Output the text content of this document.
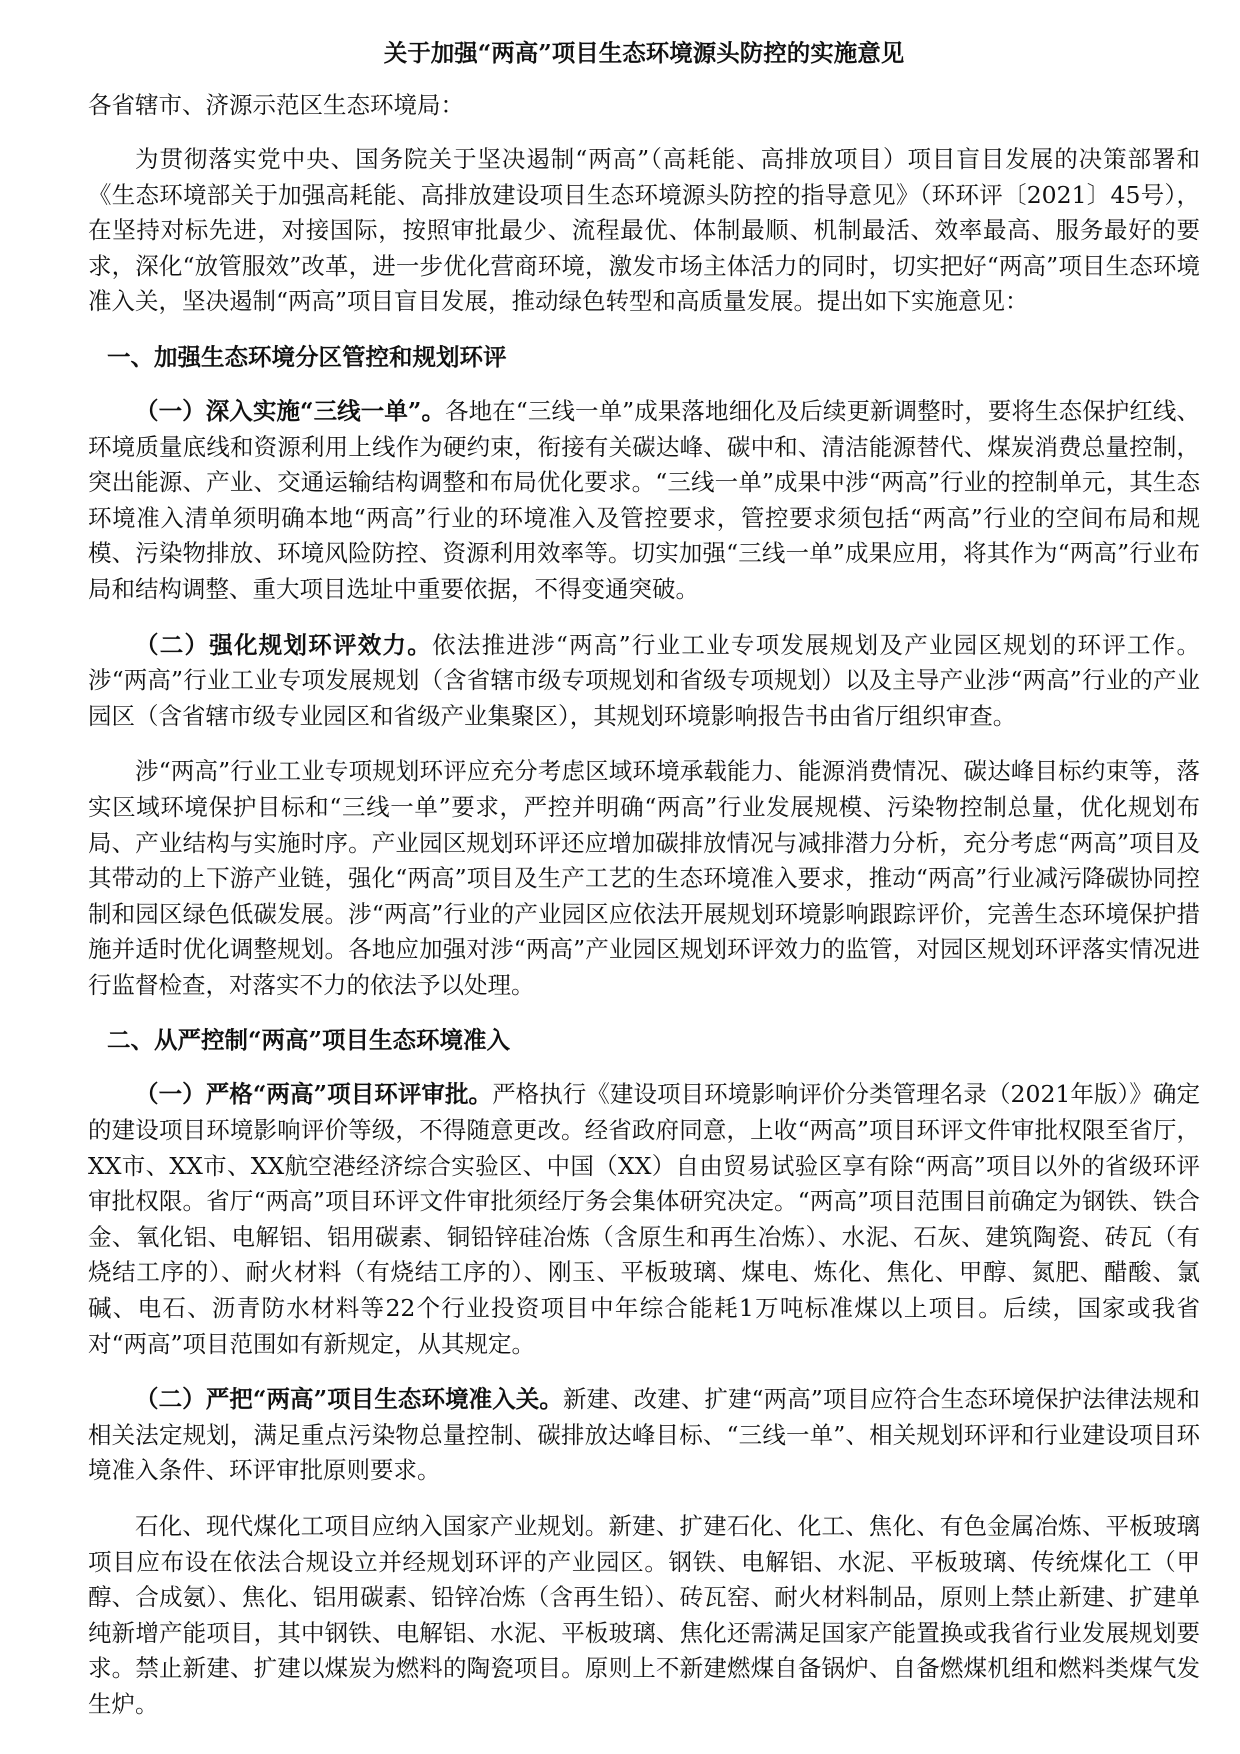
关于加强“两高”项目生态环境源头防控的实施意见
各省辖市、济源示范区生态环境局：

为贯彻落实党中央、国务院关于坚决遏制“两高”（高耗能、高排放项目）项目盲目发展的决策部署和《生态环境部关于加强高耗能、高排放建设项目生态环境源头防控的指导意见》（环环评〔2021〕45号），在坚持对标先进，对接国际，按照审批最少、流程最优、体制最顺、机制最活、效率最高、服务最好的要求，深化“放管服效”改革，进一步优化营商环境，激发市场主体活力的同时，切实把好“两高”项目生态环境准入关，坚决遏制“两高”项目盲目发展，推动绿色转型和高质量发展。提出如下实施意见：

一、加强生态环境分区管控和规划环评

（一）深入实施“三线一单”。各地在“三线一单”成果落地细化及后续更新调整时，要将生态保护红线、环境质量底线和资源利用上线作为硬约束，衔接有关碳达峰、碳中和、清洁能源替代、煤炭消费总量控制，突出能源、产业、交通运输结构调整和布局优化要求。“三线一单”成果中涉“两高”行业的控制单元，其生态环境准入清单须明确本地“两高”行业的环境准入及管控要求，管控要求须包括“两高”行业的空间布局和规模、污染物排放、环境风险防控、资源利用效率等。切实加强“三线一单”成果应用，将其作为“两高”行业布局和结构调整、重大项目选址中重要依据，不得变通突破。

（二）强化规划环评效力。依法推进涉“两高”行业工业专项发展规划及产业园区规划的环评工作。涉“两高”行业工业专项发展规划（含省辖市级专项规划和省级专项规划）以及主导产业涉“两高”行业的产业园区（含省辖市级专业园区和省级产业集聚区），其规划环境影响报告书由省厅组织审查。

涉“两高”行业工业专项规划环评应充分考虑区域环境承载能力、能源消费情况、碳达峰目标约束等，落实区域环境保护目标和“三线一单”要求，严控并明确“两高”行业发展规模、污染物控制总量，优化规划布局、产业结构与实施时序。产业园区规划环评还应增加碳排放情况与减排潜力分析，充分考虑“两高”项目及其带动的上下游产业链，强化“两高”项目及生产工艺的生态环境准入要求，推动“两高”行业减污降碳协同控制和园区绿色低碳发展。涉“两高”行业的产业园区应依法开展规划环境影响跟踪评价，完善生态环境保护措施并适时优化调整规划。各地应加强对涉“两高”产业园区规划环评效力的监管，对园区规划环评落实情况进行监督检查，对落实不力的依法予以处理。

二、从严控制“两高”项目生态环境准入

（一）严格“两高”项目环评审批。严格执行《建设项目环境影响评价分类管理名录（2021年版）》确定的建设项目环境影响评价等级，不得随意更改。经省政府同意，上收“两高”项目环评文件审批权限至省厅，XX市、XX市、XX航空港经济综合实验区、中国（XX）自由贸易试验区享有除“两高”项目以外的省级环评审批权限。省厅“两高”项目环评文件审批须经厅务会集体研究决定。“两高”项目范围目前确定为钢铁、铁合金、氧化铝、电解铝、铝用碳素、铜铅锌硅冶炼（含原生和再生冶炼）、水泥、石灰、建筑陶瓷、砖瓦（有烧结工序的）、耐火材料（有烧结工序的）、刚玉、平板玻璃、煤电、炼化、焦化、甲醇、氮肥、醋酸、氯碱、电石、沥青防水材料等22个行业投资项目中年综合能耗1万吨标准煤以上项目。后续，国家或我省对“两高”项目范围如有新规定，从其规定。

（二）严把“两高”项目生态环境准入关。新建、改建、扩建“两高”项目应符合生态环境保护法律法规和相关法定规划，满足重点污染物总量控制、碳排放达峰目标、“三线一单”、相关规划环评和行业建设项目环境准入条件、环评审批原则要求。

石化、现代煤化工项目应纳入国家产业规划。新建、扩建石化、化工、焦化、有色金属冶炼、平板玻璃项目应布设在依法合规设立并经规划环评的产业园区。钢铁、电解铝、水泥、平板玻璃、传统煤化工（甲醇、合成氨）、焦化、铝用碳素、铅锌冶炼（含再生铅）、砖瓦窑、耐火材料制品，原则上禁止新建、扩建单纯新增产能项目，其中钢铁、电解铝、水泥、平板玻璃、焦化还需满足国家产能置换或我省行业发展规划要求。禁止新建、扩建以煤炭为燃料的陶瓷项目。原则上不新建燃煤自备锅炉、自备燃煤机组和燃料类煤气发生炉。
